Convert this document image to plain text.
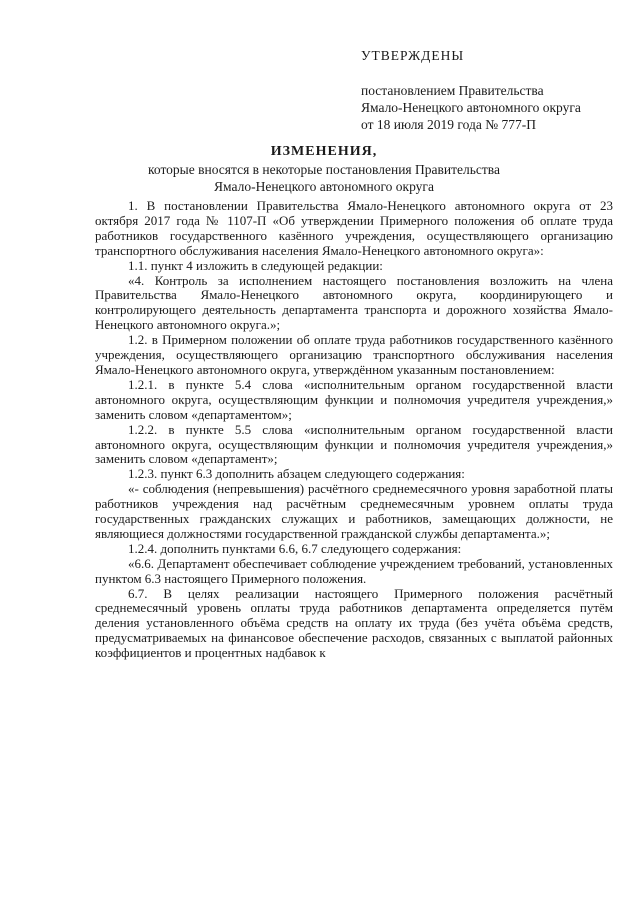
УТВЕРЖДЕНЫ
постановлением Правительства
Ямало-Ненецкого автономного округа
от 18 июля 2019 года № 777-П
ИЗМЕНЕНИЯ,
которые вносятся в некоторые постановления Правительства
Ямало-Ненецкого автономного округа

1. В постановлении Правительства Ямало-Ненецкого автономного округа от 23 октября 2017 года № 1107-П «Об утверждении Примерного положения об оплате труда работников государственного казённого учреждения, осуществляющего организацию транспортного обслуживания населения Ямало-Ненецкого автономного округа»:

1.1. пункт 4 изложить в следующей редакции:

«4. Контроль за исполнением настоящего постановления возложить на члена Правительства Ямало-Ненецкого автономного округа, координирующего и контролирующего деятельность департамента транспорта и дорожного хозяйства Ямало-Ненецкого автономного округа.»;

1.2. в Примерном положении об оплате труда работников государственного казённого учреждения, осуществляющего организацию транспортного обслуживания населения Ямало-Ненецкого автономного округа, утверждённом указанным постановлением:

1.2.1. в пункте 5.4 слова «исполнительным органом государственной власти автономного округа, осуществляющим функции и полномочия учредителя учреждения,» заменить словом «департаментом»;

1.2.2. в пункте 5.5 слова «исполнительным органом государственной власти автономного округа, осуществляющим функции и полномочия учредителя учреждения,» заменить словом «департамент»;

1.2.3. пункт 6.3 дополнить абзацем следующего содержания:

«- соблюдения (непревышения) расчётного среднемесячного уровня заработной платы работников учреждения над расчётным среднемесячным уровнем оплаты труда государственных гражданских служащих и работников, замещающих должности, не являющиеся должностями государственной гражданской службы департамента.»;

1.2.4. дополнить пунктами 6.6, 6.7 следующего содержания:

«6.6. Департамент обеспечивает соблюдение учреждением требований, установленных пунктом 6.3 настоящего Примерного положения.

6.7. В целях реализации настоящего Примерного положения расчётный среднемесячный уровень оплаты труда работников департамента определяется путём деления установленного объёма средств на оплату их труда (без учёта объёма средств, предусматриваемых на финансовое обеспечение расходов, связанных с выплатой районных коэффициентов и процентных надбавок к
